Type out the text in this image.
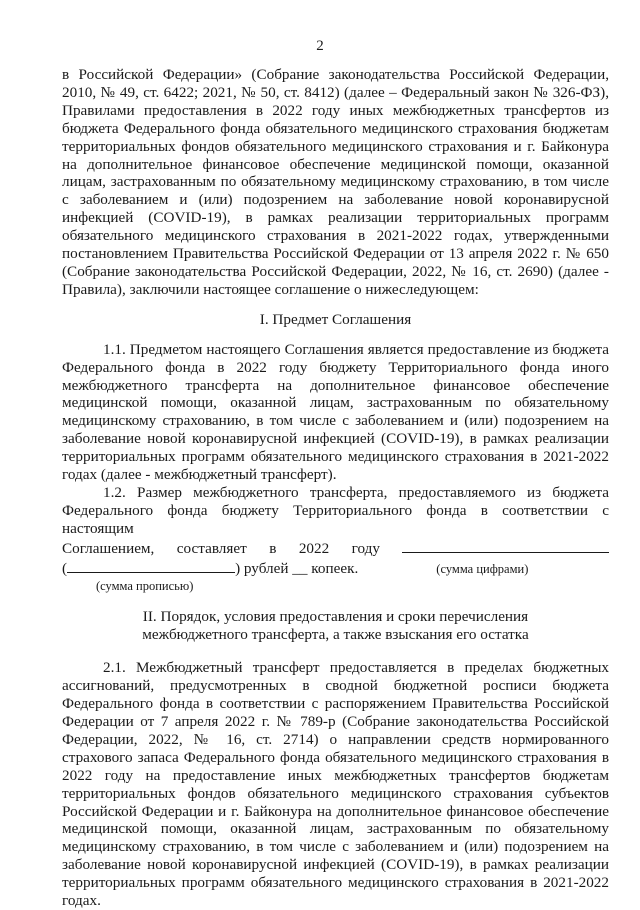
2

в Российской Федерации» (Собрание законодательства Российской Федерации, 2010, № 49, ст. 6422; 2021, № 50, ст. 8412) (далее – Федеральный закон № 326-ФЗ), Правилами предоставления в 2022 году иных межбюджетных трансфертов из бюджета Федерального фонда обязательного медицинского страхования бюджетам территориальных фондов обязательного медицинского страхования и г. Байконура на дополнительное финансовое обеспечение медицинской помощи, оказанной лицам, застрахованным по обязательному медицинскому страхованию, в том числе с заболеванием и (или) подозрением на заболевание новой коронавирусной инфекцией (COVID-19), в рамках реализации территориальных программ обязательного медицинского страхования в 2021-2022 годах, утвержденными постановлением Правительства Российской Федерации от 13 апреля 2022 г. № 650 (Собрание законодательства Российской Федерации, 2022, № 16, ст. 2690) (далее - Правила), заключили настоящее соглашение о нижеследующем:

I. Предмет Соглашения

1.1. Предметом настоящего Соглашения является предоставление из бюджета Федерального фонда в 2022 году бюджету Территориального фонда иного межбюджетного трансферта на дополнительное финансовое обеспечение медицинской помощи, оказанной лицам, застрахованным по обязательному медицинскому страхованию, в том числе с заболеванием и (или) подозрением на заболевание новой коронавирусной инфекцией (COVID-19), в рамках реализации территориальных программ обязательного медицинского страхования в 2021-2022 годах (далее - межбюджетный трансферт).

1.2. Размер межбюджетного трансферта, предоставляемого из бюджета Федерального фонда бюджету Территориального фонда в соответствии с настоящим

Соглашением, составляет в 2022 году
(	) рублей __ копеек.	(сумма цифрами)
(сумма прописью)

II. Порядок, условия предоставления и сроки перечисления

межбюджетного трансферта, а также взыскания его остатка

2.1. Межбюджетный трансферт предоставляется в пределах бюджетных ассигнований, предусмотренных в сводной бюджетной росписи бюджета Федерального фонда в соответствии с распоряжением Правительства Российской Федерации от 7 апреля 2022 г. № 789-р (Собрание законодательства Российской Федерации, 2022, № 16, ст. 2714) о направлении средств нормированного страхового запаса Федерального фонда обязательного медицинского страхования в 2022 году на предоставление иных межбюджетных трансфертов бюджетам территориальных фондов обязательного медицинского страхования субъектов Российской Федерации и г. Байконура на дополнительное финансовое обеспечение медицинской помощи, оказанной лицам, застрахованным по обязательному медицинскому страхованию, в том числе с заболеванием и (или) подозрением на заболевание новой коронавирусной инфекцией (COVID-19), в рамках реализации территориальных программ обязательного медицинского страхования в 2021-2022 годах.
